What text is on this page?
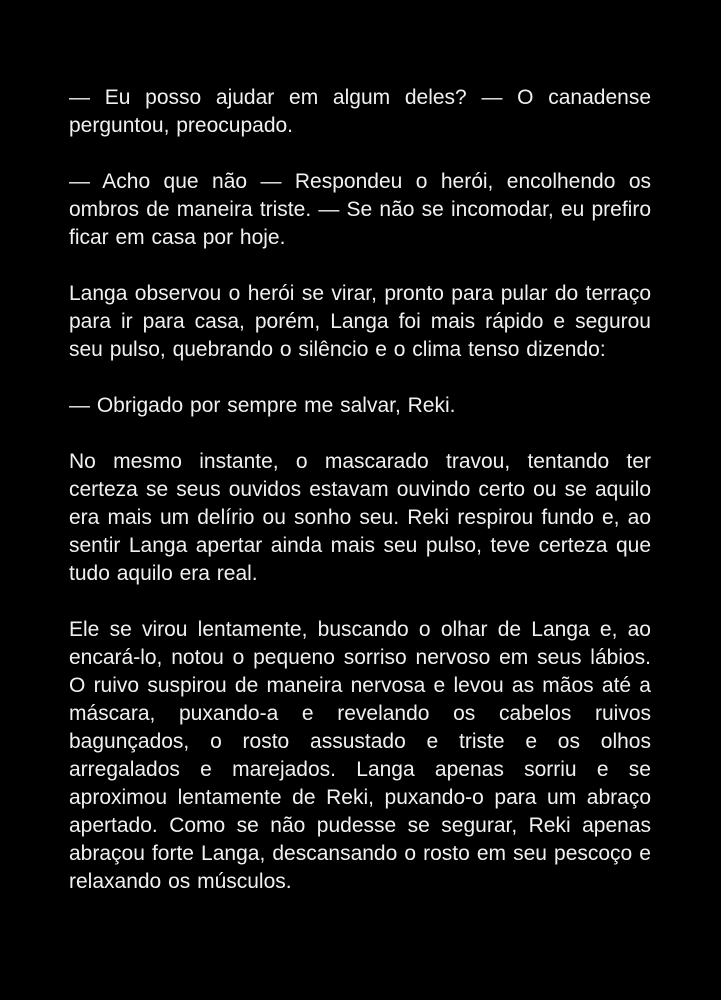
— Eu posso ajudar em algum deles? — O canadense perguntou, preocupado.

— Acho que não — Respondeu o herói, encolhendo os ombros de maneira triste. — Se não se incomodar, eu prefiro ficar em casa por hoje.

Langa observou o herói se virar, pronto para pular do terraço para ir para casa, porém, Langa foi mais rápido e segurou seu pulso, quebrando o silêncio e o clima tenso dizendo:

— Obrigado por sempre me salvar, Reki.

No mesmo instante, o mascarado travou, tentando ter certeza se seus ouvidos estavam ouvindo certo ou se aquilo era mais um delírio ou sonho seu. Reki respirou fundo e, ao sentir Langa apertar ainda mais seu pulso, teve certeza que tudo aquilo era real.

Ele se virou lentamente, buscando o olhar de Langa e, ao encará-lo, notou o pequeno sorriso nervoso em seus lábios. O ruivo suspirou de maneira nervosa e levou as mãos até a máscara, puxando-a e revelando os cabelos ruivos bagunçados, o rosto assustado e triste e os olhos arregalados e marejados. Langa apenas sorriu e se aproximou lentamente de Reki, puxando-o para um abraço apertado. Como se não pudesse se segurar, Reki apenas abraçou forte Langa, descansando o rosto em seu pescoço e relaxando os músculos.
